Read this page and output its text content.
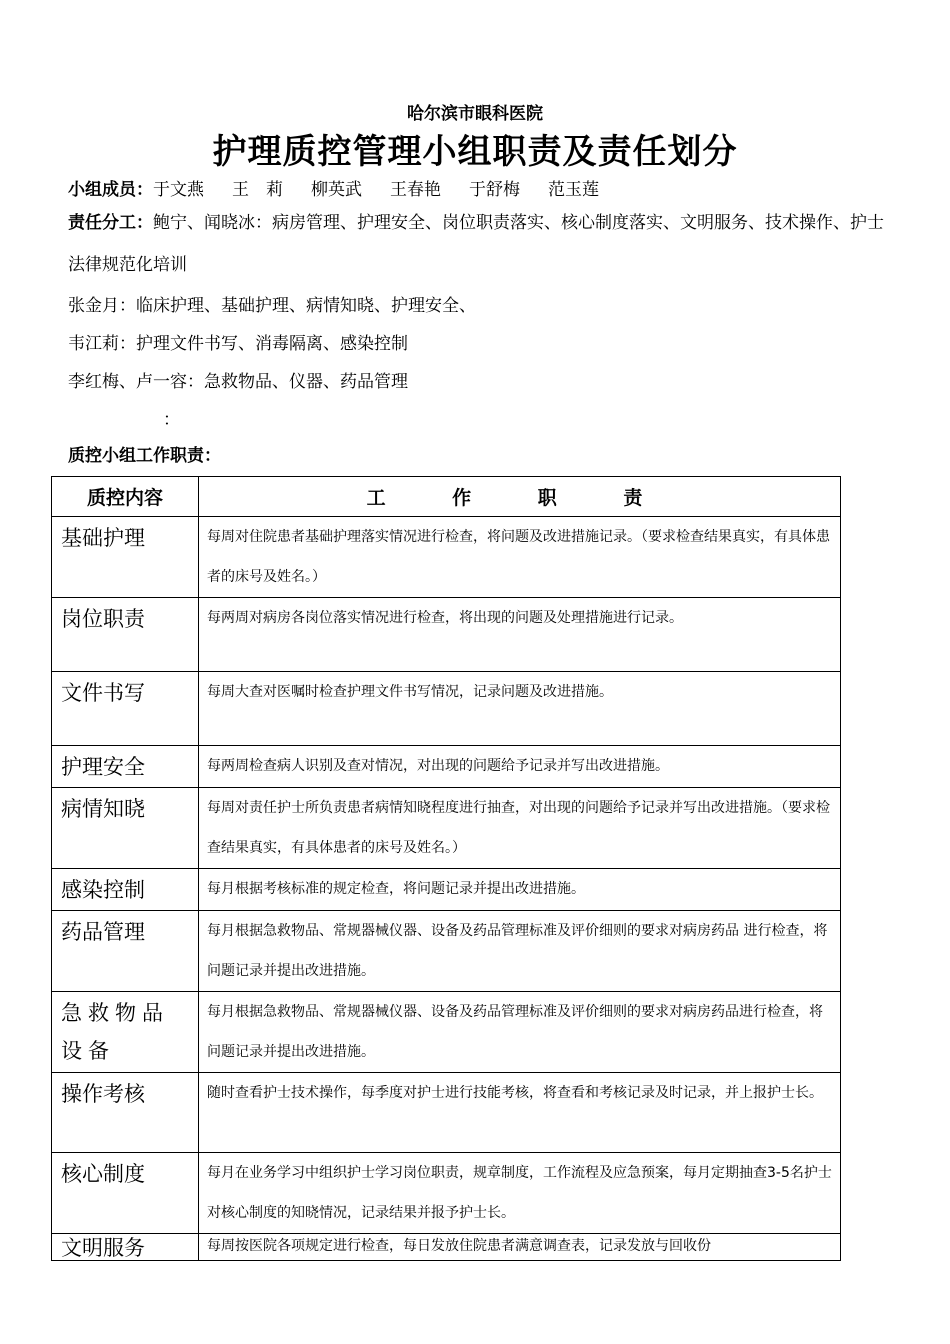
哈尔滨市眼科医院
护理质控管理小组职责及责任划分
小组成员：于文燕 王　莉 柳英武 王春艳 于舒梅 范玉莲
责任分工：鲍宁、闻晓冰：病房管理、护理安全、岗位职责落实、核心制度落实、文明服务、技术操作、护士法律规范化培训
张金月：临床护理、基础护理、病情知晓、护理安全、
韦江莉：护理文件书写、消毒隔离、感染控制
李红梅、卢一容：急救物品、仪器、药品管理
：
质控小组工作职责：
质控内容	工 作 职 责
基础护理	每周对住院患者基础护理落实情况进行检查，将问题及改进措施记录。（要求检查结果真实，有具体患者的床号及姓名。）
岗位职责	每两周对病房各岗位落实情况进行检查，将出现的问题及处理措施进行记录。
文件书写	每周大查对医嘱时检查护理文件书写情况，记录问题及改进措施。
护理安全	每两周检查病人识别及查对情况，对出现的问题给予记录并写出改进措施。
病情知晓	每周对责任护士所负责患者病情知晓程度进行抽查，对出现的问题给予记录并写出改进措施。（要求检查结果真实，有具体患者的床号及姓名。）
感染控制	每月根据考核标准的规定检查，将问题记录并提出改进措施。
药品管理	每月根据急救物品、常规器械仪器、设备及药品管理标准及评价细则的要求对病房药品 进行检查，将问题记录并提出改进措施。
急救物品设备	每月根据急救物品、常规器械仪器、设备及药品管理标准及评价细则的要求对病房药品进行检查，将问题记录并提出改进措施。
操作考核	随时查看护士技术操作，每季度对护士进行技能考核，将查看和考核记录及时记录，并上报护士长。
核心制度	每月在业务学习中组织护士学习岗位职责，规章制度，工作流程及应急预案，每月定期抽查3-5名护士对核心制度的知晓情况，记录结果并报予护士长。
文明服务	每周按医院各项规定进行检查，每日发放住院患者满意调查表，记录发放与回收份
